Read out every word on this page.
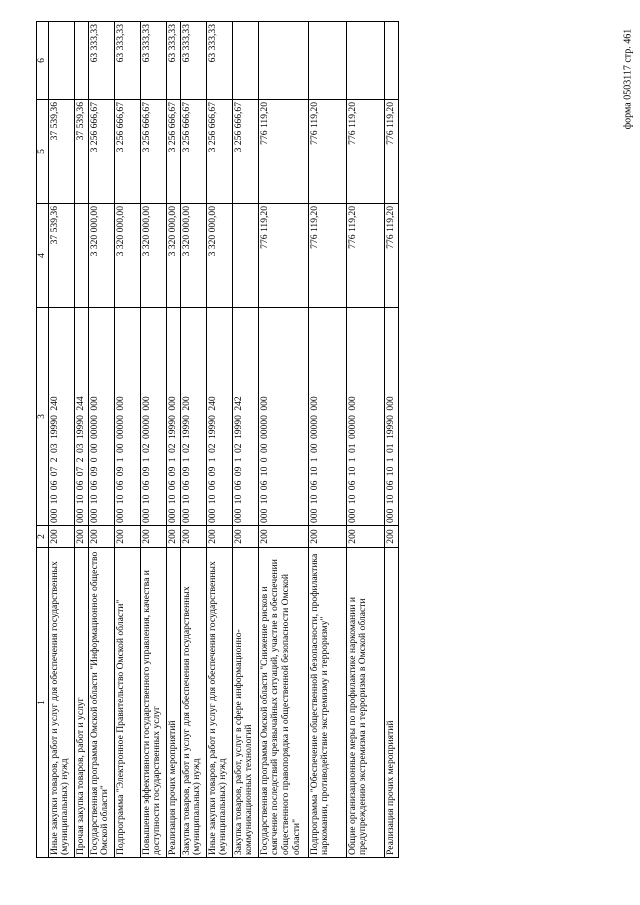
форма 0503117 стр. 461
1	2	3	4	5	6
Иные закупки товаров, работ и услуг для обеспечения государственных (муниципальных) нужд	200	000 10 06 07 2 03 19990 240	37 539,36	37 539,36	
Прочая закупка товаров, работ и услуг	200	000 10 06 07 2 03 19990 244		37 539,36	
Государственная программа Омской области "Информационное общество Омской области"	200	000 10 06 09 0 00 00000 000	3 320 000,00	3 256 666,67	63 333,33
Подпрограмма "Электронное Правительство Омской области"	200	000 10 06 09 1 00 00000 000	3 320 000,00	3 256 666,67	63 333,33
Повышение эффективности государственного управления, качества и доступности государственных услуг	200	000 10 06 09 1 02 00000 000	3 320 000,00	3 256 666,67	63 333,33
Реализация прочих мероприятий	200	000 10 06 09 1 02 19990 000	3 320 000,00	3 256 666,67	63 333,33
Закупка товаров, работ и услуг для обеспечения государственных (муниципальных) нужд	200	000 10 06 09 1 02 19990 200	3 320 000,00	3 256 666,67	63 333,33
Иные закупки товаров, работ и услуг для обеспечения государственных (муниципальных) нужд	200	000 10 06 09 1 02 19990 240	3 320 000,00	3 256 666,67	63 333,33
Закупка товаров, работ, услуг в сфере информационно-коммуникационных технологий	200	000 10 06 09 1 02 19990 242		3 256 666,67	
Государственная программа Омской области "Снижение рисков и смягчение последствий чрезвычайных ситуаций, участие в обеспечении общественного правопорядка и общественной безопасности Омской области"	200	000 10 06 10 0 00 00000 000	776 119,20	776 119,20	
Подпрограмма "Обеспечение общественной безопасности, профилактика наркомании, противодействие экстремизму и терроризму"	200	000 10 06 10 1 00 00000 000	776 119,20	776 119,20	
Общие организационные меры по профилактике наркомании и предупреждению экстремизма и терроризма в Омской области	200	000 10 06 10 1 01 00000 000	776 119,20	776 119,20	
Реализация прочих мероприятий	200	000 10 06 10 1 01 19990 000	776 119,20	776 119,20	
